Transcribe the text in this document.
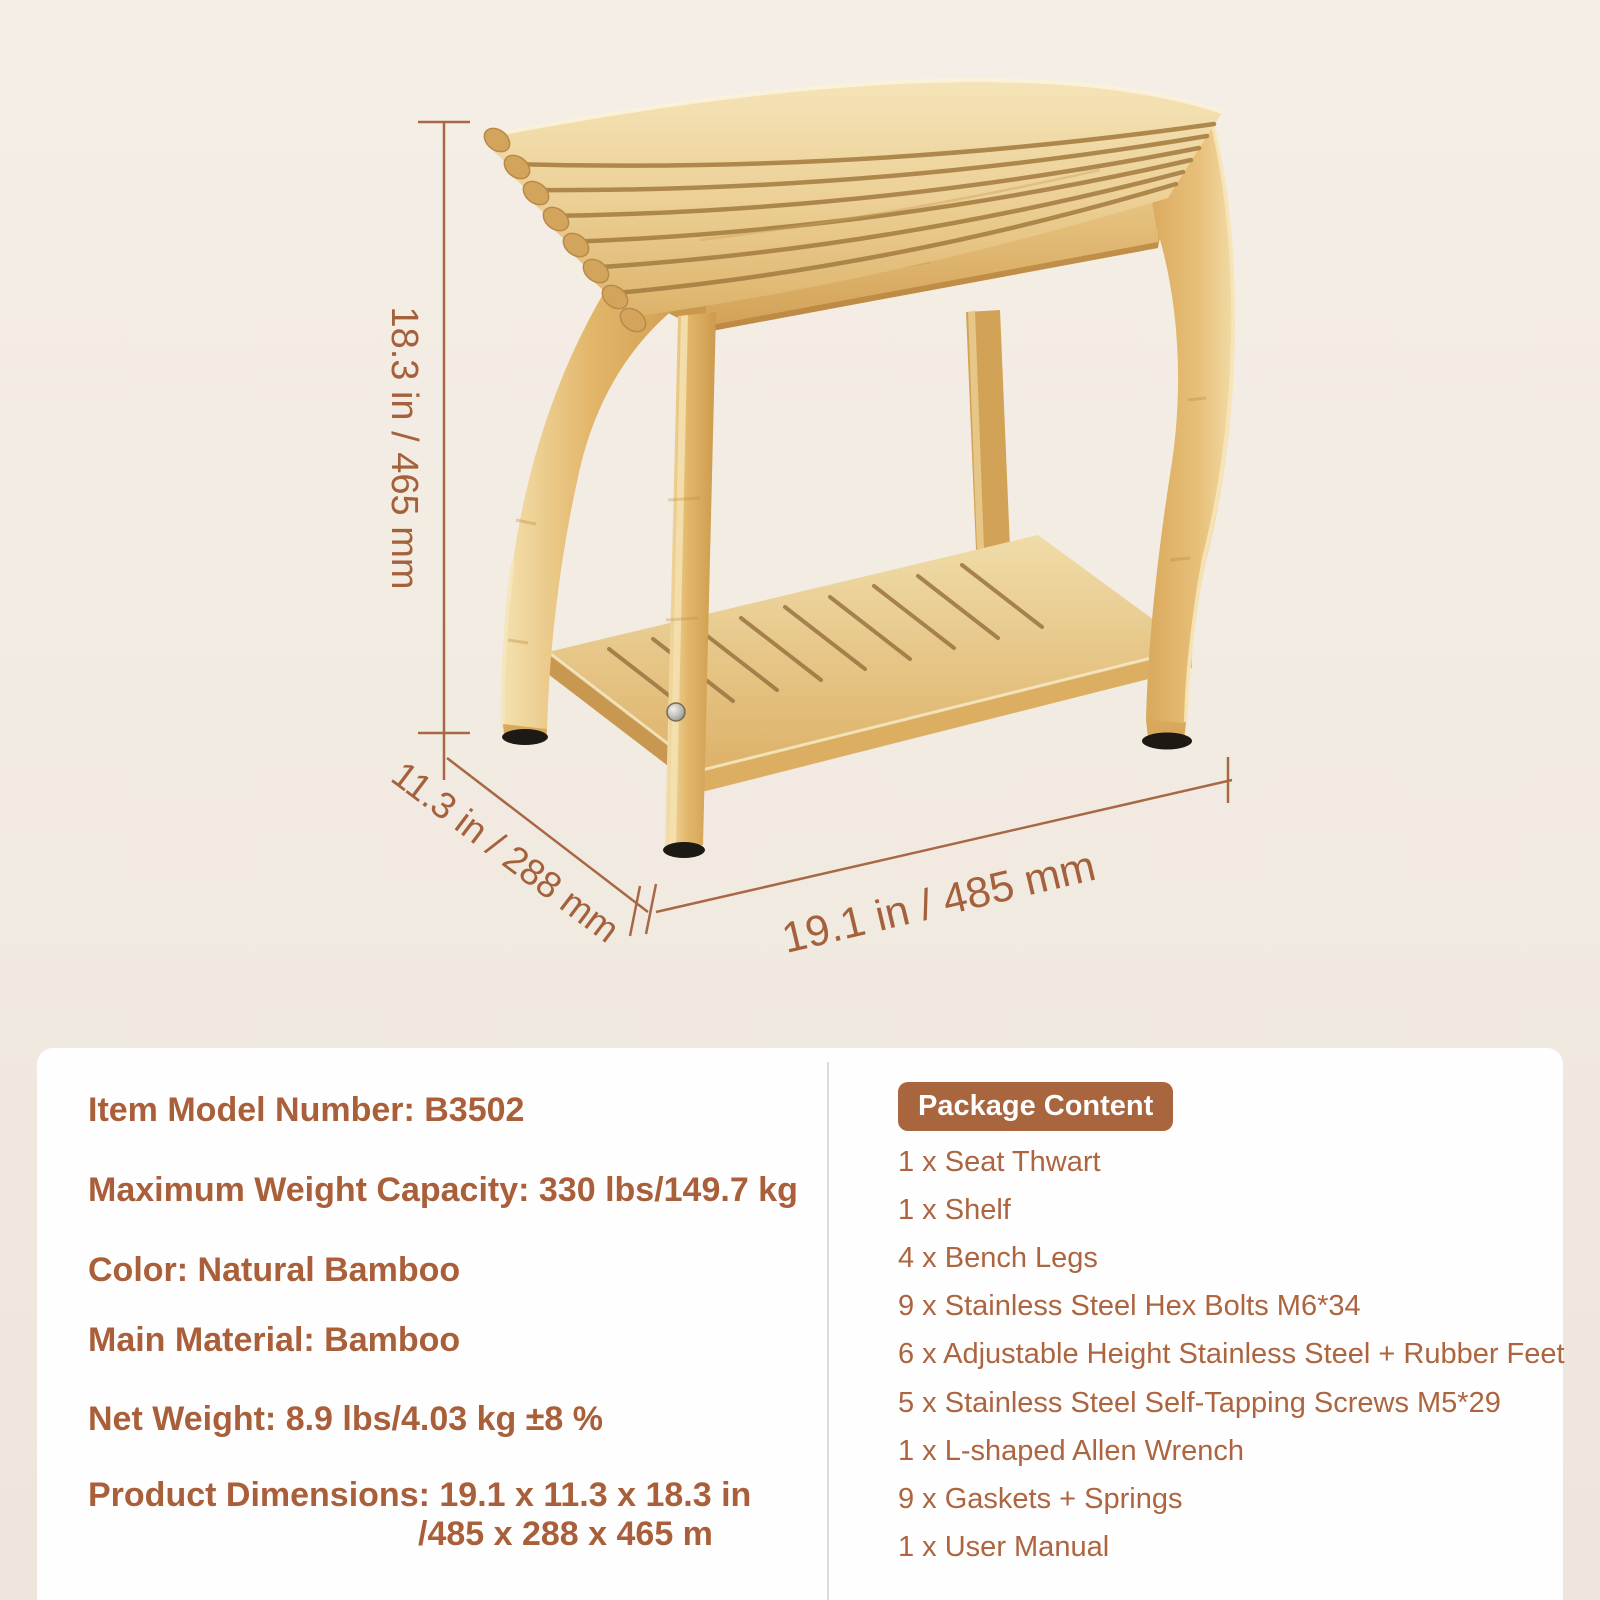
18.3 in / 465 mm
11.3 in / 288 mm	19.1 in / 485 mm
Item Model Number: B3502
Maximum Weight Capacity: 330 lbs/149.7 kg
Color: Natural Bamboo
Main Material: Bamboo
Net Weight: 8.9 lbs/4.03 kg ±8 %
Product Dimensions: 19.1 x 11.3 x 18.3 in
/485 x 288 x 465 m
Package Content
1 x Seat Thwart
1 x Shelf
4 x Bench Legs
9 x Stainless Steel Hex Bolts M6*34
6 x Adjustable Height Stainless Steel + Rubber Feet
5 x Stainless Steel Self-Tapping Screws M5*29
1 x L-shaped Allen Wrench
9 x Gaskets + Springs
1 x User Manual
